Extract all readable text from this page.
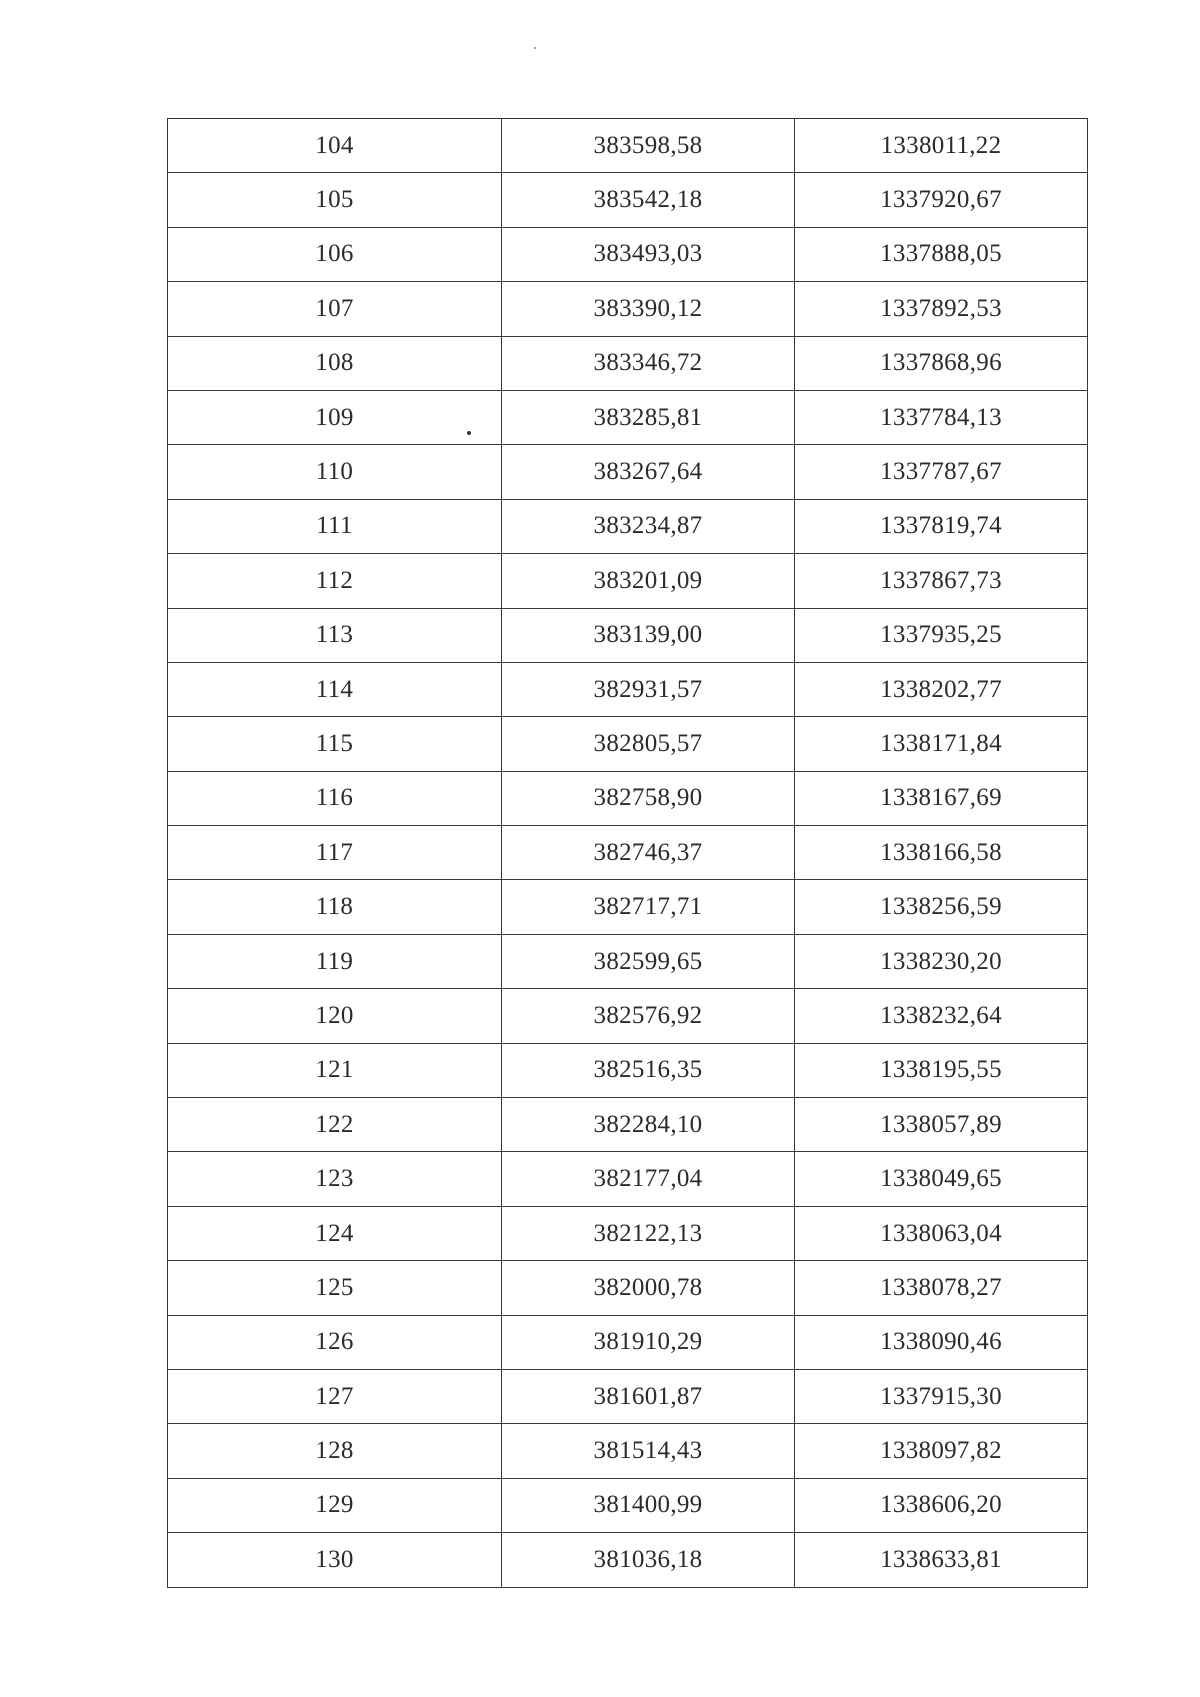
104	383598,58	1338011,22
105	383542,18	1337920,67
106	383493,03	1337888,05
107	383390,12	1337892,53
108	383346,72	1337868,96
109	383285,81	1337784,13
110	383267,64	1337787,67
111	383234,87	1337819,74
112	383201,09	1337867,73
113	383139,00	1337935,25
114	382931,57	1338202,77
115	382805,57	1338171,84
116	382758,90	1338167,69
117	382746,37	1338166,58
118	382717,71	1338256,59
119	382599,65	1338230,20
120	382576,92	1338232,64
121	382516,35	1338195,55
122	382284,10	1338057,89
123	382177,04	1338049,65
124	382122,13	1338063,04
125	382000,78	1338078,27
126	381910,29	1338090,46
127	381601,87	1337915,30
128	381514,43	1338097,82
129	381400,99	1338606,20
130	381036,18	1338633,81
